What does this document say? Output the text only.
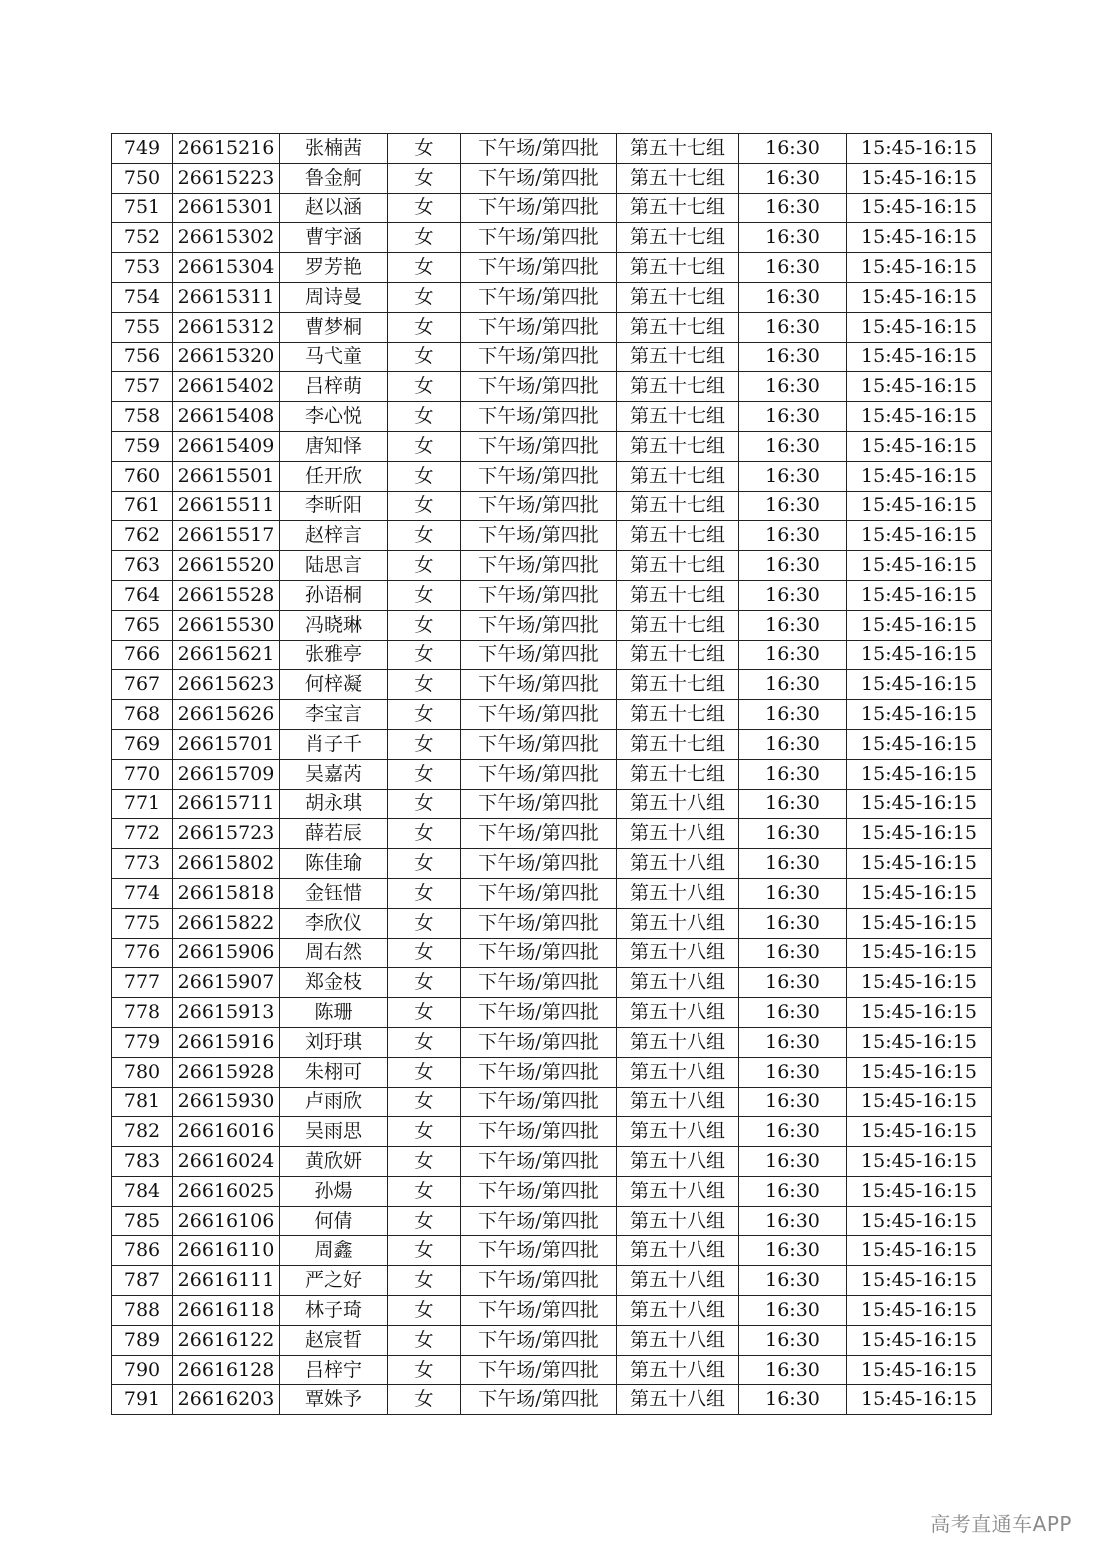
749	26615216	张楠茜	女	下午场/第四批	第五十七组	16:30	15:45-16:15
750	26615223	鲁金舸	女	下午场/第四批	第五十七组	16:30	15:45-16:15
751	26615301	赵以涵	女	下午场/第四批	第五十七组	16:30	15:45-16:15
752	26615302	曹宇涵	女	下午场/第四批	第五十七组	16:30	15:45-16:15
753	26615304	罗芳艳	女	下午场/第四批	第五十七组	16:30	15:45-16:15
754	26615311	周诗曼	女	下午场/第四批	第五十七组	16:30	15:45-16:15
755	26615312	曹梦桐	女	下午场/第四批	第五十七组	16:30	15:45-16:15
756	26615320	马弋童	女	下午场/第四批	第五十七组	16:30	15:45-16:15
757	26615402	吕梓萌	女	下午场/第四批	第五十七组	16:30	15:45-16:15
758	26615408	李心悦	女	下午场/第四批	第五十七组	16:30	15:45-16:15
759	26615409	唐知怿	女	下午场/第四批	第五十七组	16:30	15:45-16:15
760	26615501	任开欣	女	下午场/第四批	第五十七组	16:30	15:45-16:15
761	26615511	李昕阳	女	下午场/第四批	第五十七组	16:30	15:45-16:15
762	26615517	赵梓言	女	下午场/第四批	第五十七组	16:30	15:45-16:15
763	26615520	陆思言	女	下午场/第四批	第五十七组	16:30	15:45-16:15
764	26615528	孙语桐	女	下午场/第四批	第五十七组	16:30	15:45-16:15
765	26615530	冯晓琳	女	下午场/第四批	第五十七组	16:30	15:45-16:15
766	26615621	张雅亭	女	下午场/第四批	第五十七组	16:30	15:45-16:15
767	26615623	何梓凝	女	下午场/第四批	第五十七组	16:30	15:45-16:15
768	26615626	李宝言	女	下午场/第四批	第五十七组	16:30	15:45-16:15
769	26615701	肖子千	女	下午场/第四批	第五十七组	16:30	15:45-16:15
770	26615709	吴嘉芮	女	下午场/第四批	第五十七组	16:30	15:45-16:15
771	26615711	胡永琪	女	下午场/第四批	第五十八组	16:30	15:45-16:15
772	26615723	薛若辰	女	下午场/第四批	第五十八组	16:30	15:45-16:15
773	26615802	陈佳瑜	女	下午场/第四批	第五十八组	16:30	15:45-16:15
774	26615818	金钰惜	女	下午场/第四批	第五十八组	16:30	15:45-16:15
775	26615822	李欣仪	女	下午场/第四批	第五十八组	16:30	15:45-16:15
776	26615906	周右然	女	下午场/第四批	第五十八组	16:30	15:45-16:15
777	26615907	郑金枝	女	下午场/第四批	第五十八组	16:30	15:45-16:15
778	26615913	陈珊	女	下午场/第四批	第五十八组	16:30	15:45-16:15
779	26615916	刘玗琪	女	下午场/第四批	第五十八组	16:30	15:45-16:15
780	26615928	朱栩可	女	下午场/第四批	第五十八组	16:30	15:45-16:15
781	26615930	卢雨欣	女	下午场/第四批	第五十八组	16:30	15:45-16:15
782	26616016	吴雨思	女	下午场/第四批	第五十八组	16:30	15:45-16:15
783	26616024	黄欣妍	女	下午场/第四批	第五十八组	16:30	15:45-16:15
784	26616025	孙煬	女	下午场/第四批	第五十八组	16:30	15:45-16:15
785	26616106	何倩	女	下午场/第四批	第五十八组	16:30	15:45-16:15
786	26616110	周鑫	女	下午场/第四批	第五十八组	16:30	15:45-16:15
787	26616111	严之好	女	下午场/第四批	第五十八组	16:30	15:45-16:15
788	26616118	林子琦	女	下午场/第四批	第五十八组	16:30	15:45-16:15
789	26616122	赵宸晢	女	下午场/第四批	第五十八组	16:30	15:45-16:15
790	26616128	吕梓宁	女	下午场/第四批	第五十八组	16:30	15:45-16:15
791	26616203	覃姝予	女	下午场/第四批	第五十八组	16:30	15:45-16:15
高考直通车APP
